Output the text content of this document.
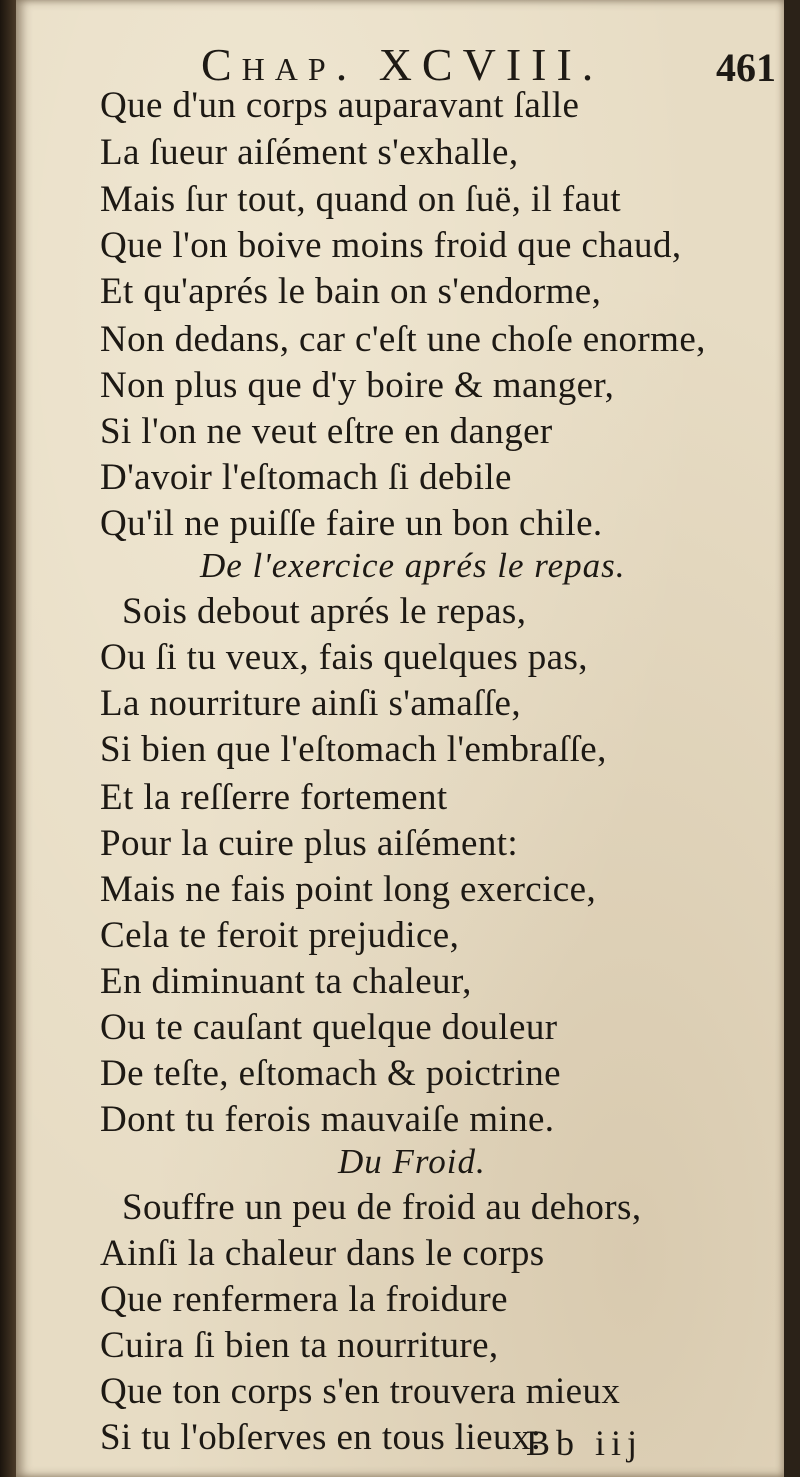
Chap. XCVIII.	461
Que d'un corps auparavant ſalle
La ſueur aiſément s'exhalle,
Mais ſur tout, quand on ſuë, il faut
Que l'on boive moins froid que chaud,
Et qu'aprés le bain on s'endorme,
Non dedans, car c'eſt une choſe enorme,
Non plus que d'y boire & manger,
Si l'on ne veut eſtre en danger
D'avoir l'eſtomach ſi debile
Qu'il ne puiſſe faire un bon chile.
De l'exercice aprés le repas.
Sois debout aprés le repas,
Ou ſi tu veux, fais quelques pas,
La nourriture ainſi s'amaſſe,
Si bien que l'eſtomach l'embraſſe,
Et la reſſerre fortement
Pour la cuire plus aiſément:
Mais ne fais point long exercice,
Cela te feroit prejudice,
En diminuant ta chaleur,
Ou te cauſant quelque douleur
De teſte, eſtomach & poictrine
Dont tu ferois mauvaiſe mine.
Du Froid.
Souffre un peu de froid au dehors,
Ainſi la chaleur dans le corps
Que renfermera la froidure
Cuira ſi bien ta nourriture,
Que ton corps s'en trouvera mieux
Si tu l'obſerves en tous lieux:
Bb iij
